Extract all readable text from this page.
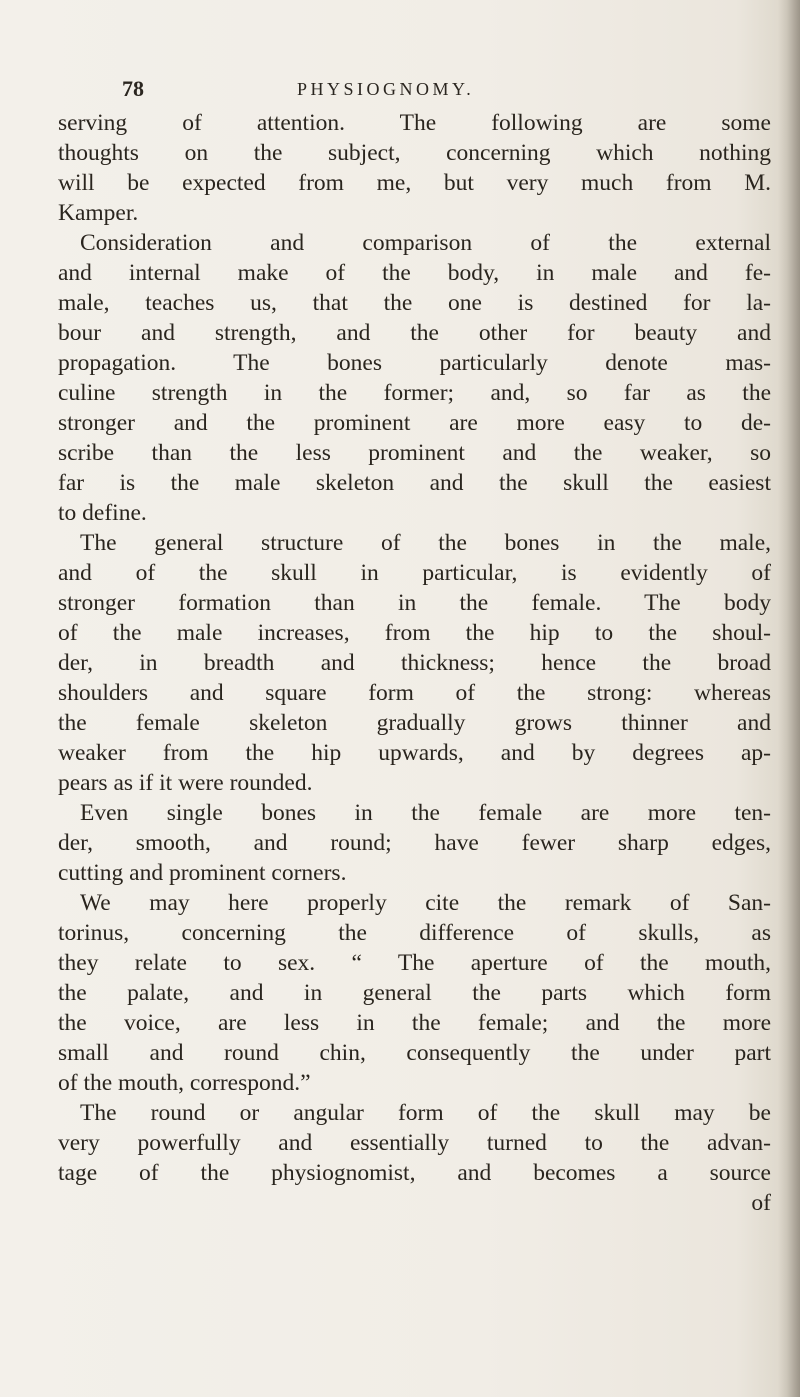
78	PHYSIOGNOMY.
serving of attention. The following are some
thoughts on the subject, concerning which nothing
will be expected from me, but very much from M.
Kamper.
Consideration and comparison of the external
and internal make of the body, in male and fe-
male, teaches us, that the one is destined for la-
bour and strength, and the other for beauty and
propagation. The bones particularly denote mas-
culine strength in the former; and, so far as the
stronger and the prominent are more easy to de-
scribe than the less prominent and the weaker, so
far is the male skeleton and the skull the easiest
to define.
The general structure of the bones in the male,
and of the skull in particular, is evidently of
stronger formation than in the female. The body
of the male increases, from the hip to the shoul-
der, in breadth and thickness; hence the broad
shoulders and square form of the strong: whereas
the female skeleton gradually grows thinner and
weaker from the hip upwards, and by degrees ap-
pears as if it were rounded.
Even single bones in the female are more ten-
der, smooth, and round; have fewer sharp edges,
cutting and prominent corners.
We may here properly cite the remark of San-
torinus, concerning the difference of skulls, as
they relate to sex. “ The aperture of the mouth,
the palate, and in general the parts which form
the voice, are less in the female; and the more
small and round chin, consequently the under part
of the mouth, correspond.”
The round or angular form of the skull may be
very powerfully and essentially turned to the advan-
tage of the physiognomist, and becomes a source
of
